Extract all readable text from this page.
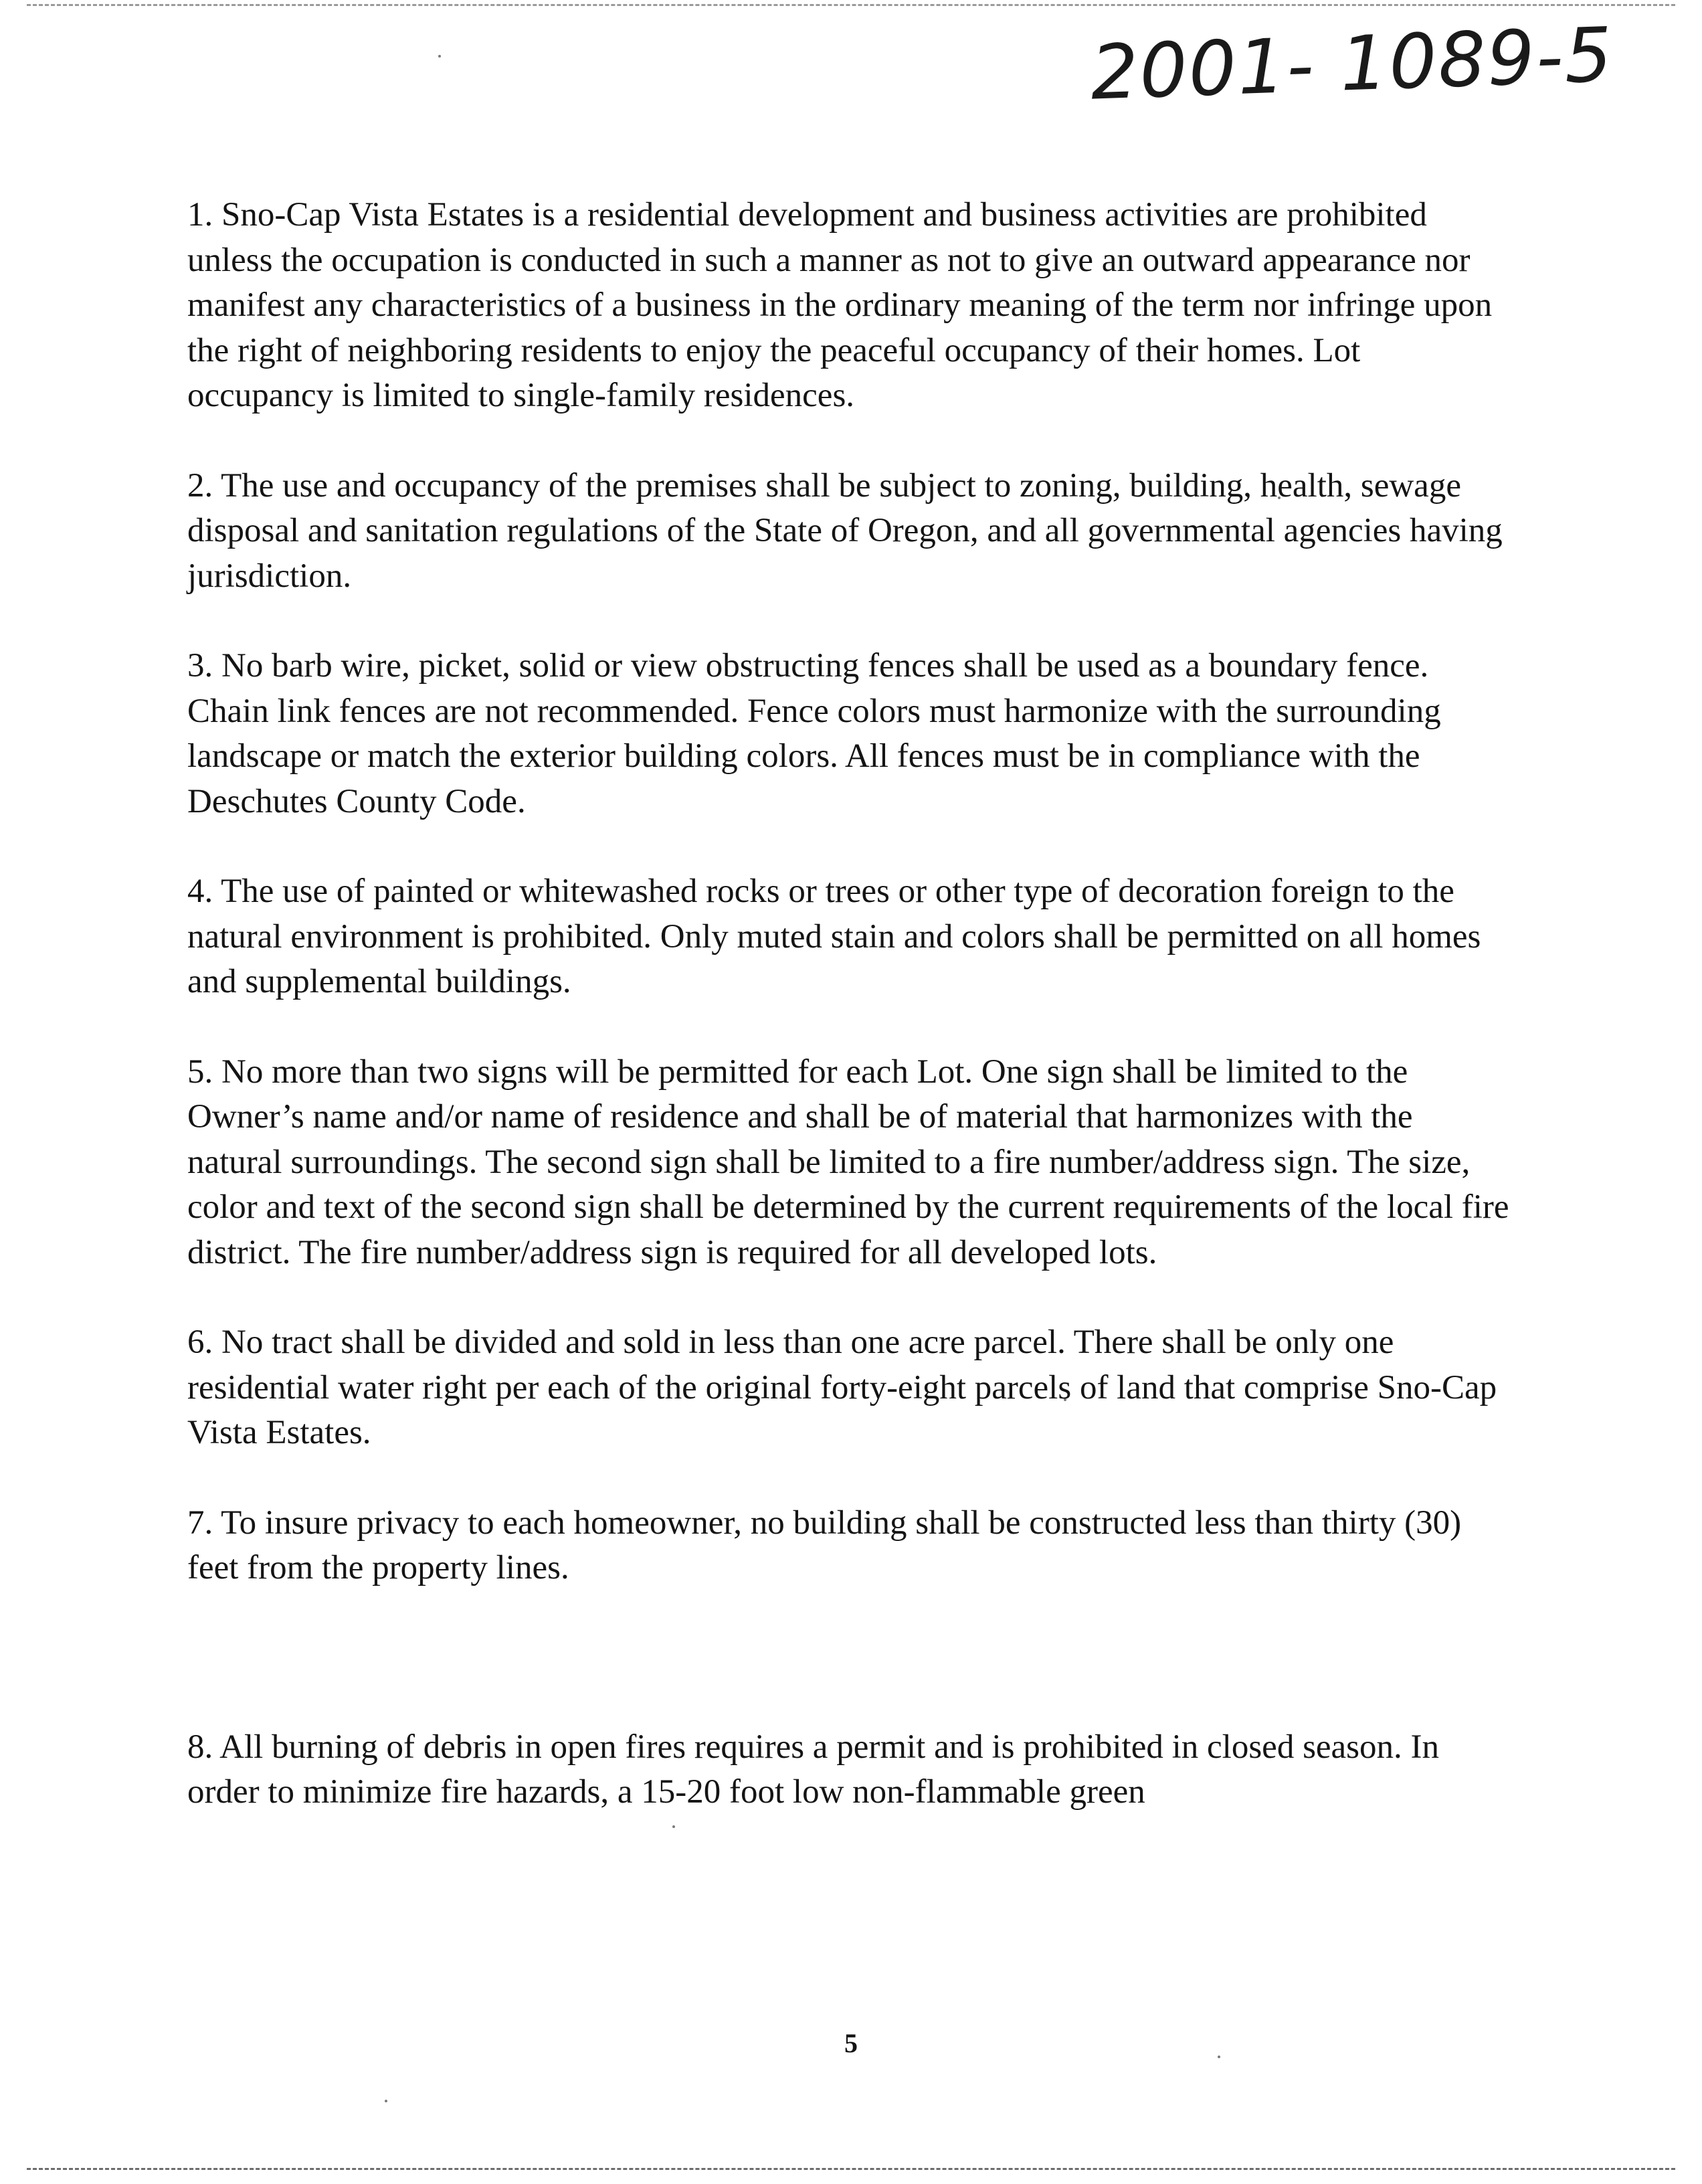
2001- 1089-5

1. Sno-Cap Vista Estates is a residential development and business activities are prohibited unless the occupation is conducted in such a manner as not to give an outward appearance nor manifest any characteristics of a business in the ordinary meaning of the term nor infringe upon the right of neighboring residents to enjoy the peaceful occupancy of their homes. Lot occupancy is limited to single-family residences.

2. The use and occupancy of the premises shall be subject to zoning, building, health, sewage disposal and sanitation regulations of the State of Oregon, and all governmental agencies having jurisdiction.

3. No barb wire, picket, solid or view obstructing fences shall be used as a boundary fence. Chain link fences are not recommended. Fence colors must harmonize with the surrounding landscape or match the exterior building colors. All fences must be in compliance with the Deschutes County Code.

4. The use of painted or whitewashed rocks or trees or other type of decoration foreign to the natural environment is prohibited. Only muted stain and colors shall be permitted on all homes and supplemental buildings.

5. No more than two signs will be permitted for each Lot. One sign shall be limited to the Owner’s name and/or name of residence and shall be of material that harmonizes with the natural surroundings. The second sign shall be limited to a fire number/address sign. The size, color and text of the second sign shall be determined by the current requirements of the local fire district. The fire number/address sign is required for all developed lots.

6. No tract shall be divided and sold in less than one acre parcel. There shall be only one residential water right per each of the original forty-eight parcels of land that comprise Sno-Cap Vista Estates.

7. To insure privacy to each homeowner, no building shall be constructed less than thirty (30) feet from the property lines.

8. All burning of debris in open fires requires a permit and is prohibited in closed season. In order to minimize fire hazards, a 15-20 foot low non-flammable green

5
